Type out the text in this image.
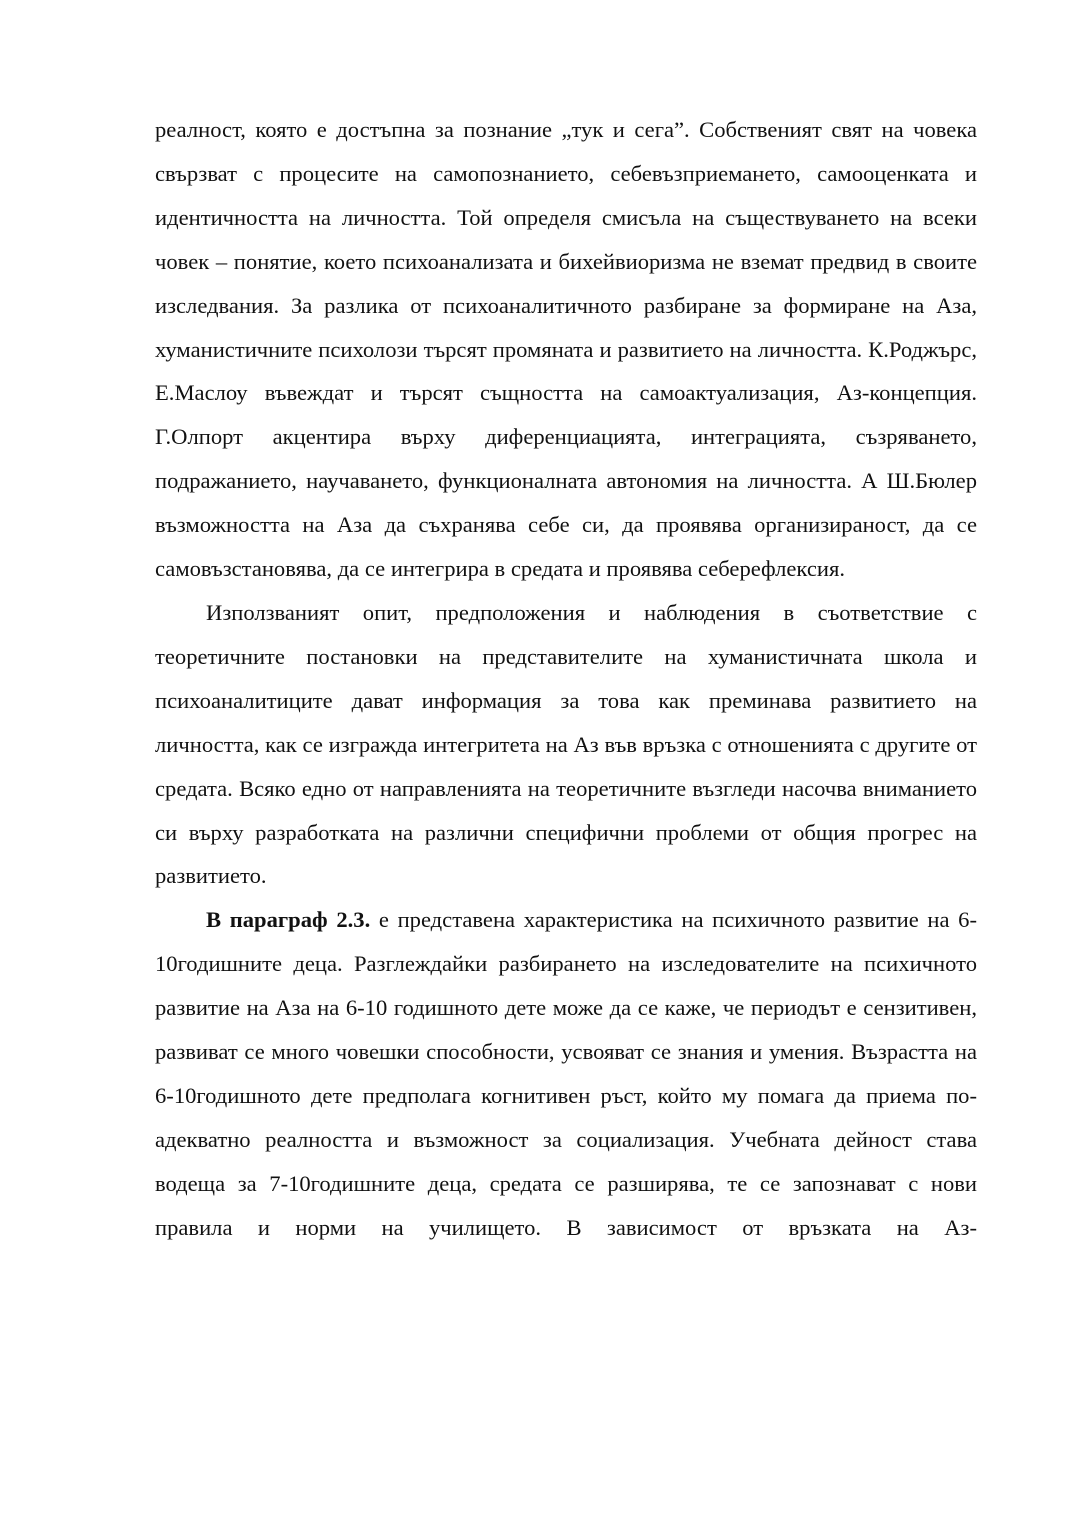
реалност, която е достъпна за познание „тук и сега”. Собственият свят на човека свързват с процесите на самопознанието, себевъзприемането, самооценката и идентичността на личността. Той определя смисъла на съществуването на всеки човек – понятие, което психоанализата и бихейвиоризма не вземат предвид в своите изследвания. За разлика от психоаналитичното разбиране за формиране на Аза, хуманистичните психолози търсят промяната и развитието на личността. К.Роджърс, Е.Маслоу въвеждат и търсят същността на самоактуализация, Аз-концепция. Г.Олпорт акцентира върху диференциацията, интеграцията, съзряването, подражанието, научаването, функционалната автономия на личността. А Ш.Бюлер възможността на Аза да съхранява себе си, да проявява организираност, да се самовъзстановява, да се интегрира в средата и проявява себерефлексия.

Използваният опит, предположения и наблюдения в съответствие с теоретичните постановки на представителите на хуманистичната школа и психоаналитиците дават информация за това как преминава развитието на личността, как се изгражда интегритета на Аз във връзка с отношенията с другите от средата. Всяко едно от направленията на теоретичните възгледи насочва вниманието си върху разработката на различни специфични проблеми от общия прогрес на развитието.

В параграф 2.3. е представена характеристика на психичното развитие на 6-10годишните деца. Разглеждайки разбирането на изследователите на психичното развитие на Аза на 6-10 годишното дете може да се каже, че периодът е сензитивен, развиват се много човешки способности, усвояват се знания и умения. Възрастта на 6-10годишното дете предполага когнитивен ръст, който му помага да приема по-адекватно реалността и възможност за социализация. Учебната дейност става водеща за 7-10годишните деца, средата се разширява, те се запознават с нови правила и норми на училището. В зависимост от връзката на Аз-
